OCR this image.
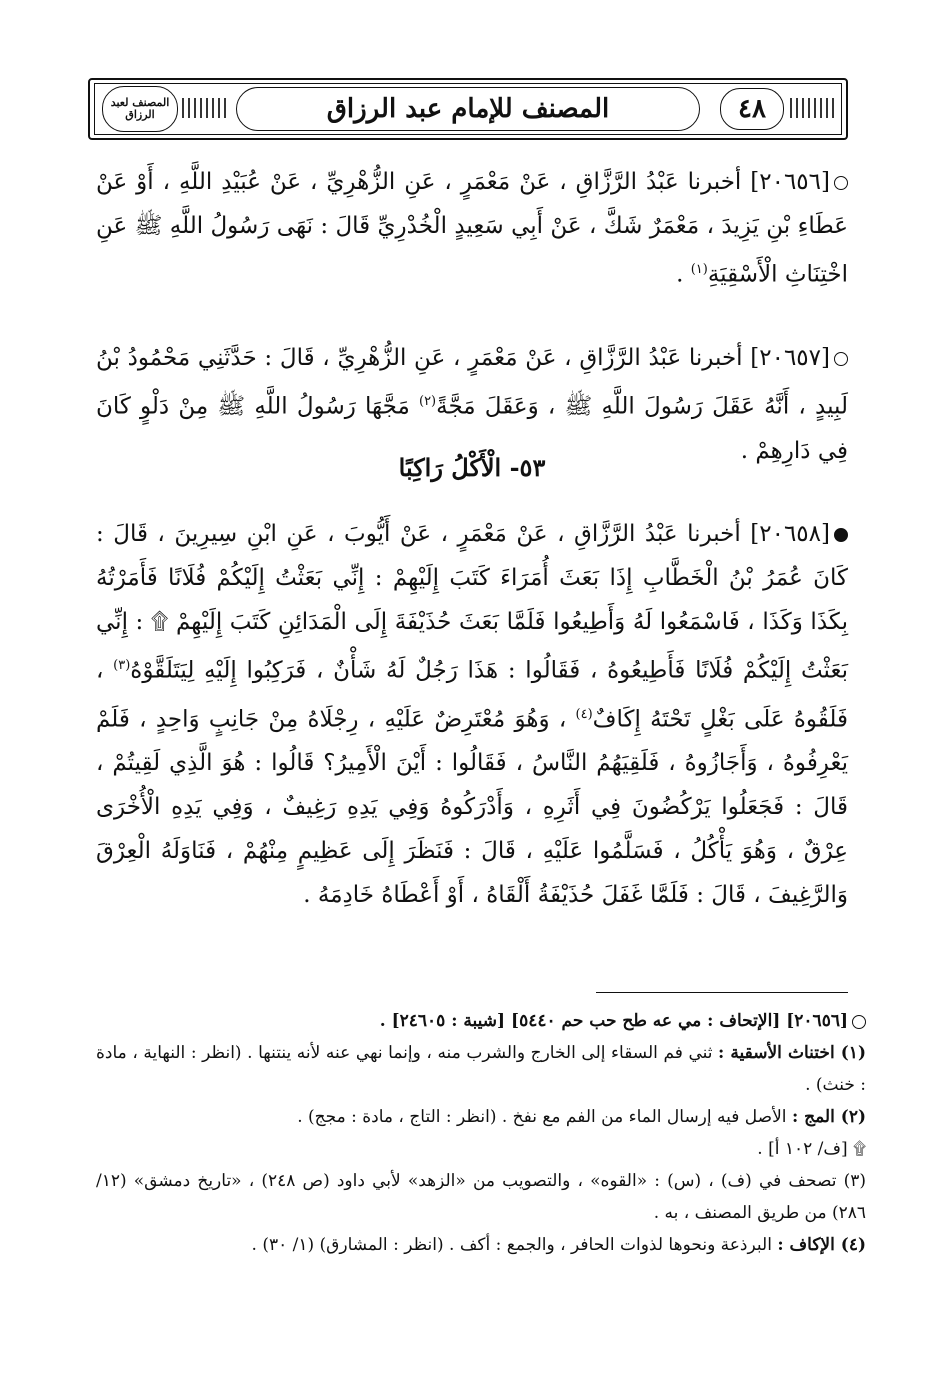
المصنف لعبد الرزاق	المصنف للإمام عبد الرزاق	٤٨

[٢٠٦٥٦] أخبرنا عَبْدُ الرَّزَّاقِ ، عَنْ مَعْمَرٍ ، عَنِ الزُّهْرِيِّ ، عَنْ عُبَيْدِ اللَّهِ ، أَوْ عَنْ عَطَاءِ بْنِ يَزِيدَ ، مَعْمَرٌ شَكَّ ، عَنْ أَبِي سَعِيدٍ الْخُدْرِيِّ قَالَ : نَهَى رَسُولُ اللَّهِ ﷺ عَنِ اخْتِنَاثِ الْأَسْقِيَةِ$^{(١)}$ .

[٢٠٦٥٧] أخبرنا عَبْدُ الرَّزَّاقِ ، عَنْ مَعْمَرٍ ، عَنِ الزُّهْرِيِّ ، قَالَ : حَدَّثَنِي مَحْمُودُ بْنُ لَبِيدٍ ، أَنَّهُ عَقَلَ رَسُولَ اللَّهِ ﷺ ، وَعَقَلَ مَجَّةً$^{(٢)}$ مَجَّهَا رَسُولُ اللَّهِ ﷺ مِنْ دَلْوٍ كَانَ فِي دَارِهِمْ .

٥٣- الْأَكْلُ رَاكِبًا

[٢٠٦٥٨] أخبرنا عَبْدُ الرَّزَّاقِ ، عَنْ مَعْمَرٍ ، عَنْ أَيُّوبَ ، عَنِ ابْنِ سِيرِينَ ، قَالَ : كَانَ عُمَرُ بْنُ الْخَطَّابِ إِذَا بَعَثَ أُمَرَاءَ كَتَبَ إِلَيْهِمْ : إِنِّي بَعَثْتُ إِلَيْكُمْ فُلَانًا فَأَمَرْتُهُ بِكَذَا وَكَذَا ، فَاسْمَعُوا لَهُ وَأَطِيعُوا فَلَمَّا بَعَثَ حُذَيْفَةَ إِلَى الْمَدَائِنِ كَتَبَ إِلَيْهِمْ ۩ : إِنِّي بَعَثْتُ إِلَيْكُمْ فُلَانًا فَأَطِيعُوهُ ، فَقَالُوا : هَذَا رَجُلٌ لَهُ شَأْنٌ ، فَرَكِبُوا إِلَيْهِ لِيَتَلَقَّوْهُ$^{(٣)}$ ، فَلَقُوهُ عَلَى بَغْلٍ تَحْتَهُ إِكَافٌ$^{(٤)}$ ، وَهُوَ مُعْتَرِضٌ عَلَيْهِ ، رِجْلَاهُ مِنْ جَانِبٍ وَاحِدٍ ، فَلَمْ يَعْرِفُوهُ ، وَأَجَازُوهُ ، فَلَقِيَهُمُ النَّاسُ ، فَقَالُوا : أَيْنَ الْأَمِيرُ؟ قَالُوا : هُوَ الَّذِي لَقِيتُمْ ، قَالَ : فَجَعَلُوا يَرْكُضُونَ فِي أَثَرِهِ ، وَأَدْرَكُوهُ وَفِي يَدِهِ رَغِيفٌ ، وَفِي يَدِهِ الْأُخْرَى عِرْقٌ ، وَهُوَ يَأْكُلُ ، فَسَلَّمُوا عَلَيْهِ ، قَالَ : فَنَظَرَ إِلَى عَظِيمٍ مِنْهُمْ ، فَنَاوَلَهُ الْعِرْقَ وَالرَّغِيفَ ، قَالَ : فَلَمَّا غَفَلَ حُذَيْفَةُ أَلْقَاهُ ، أَوْ أَعْطَاهُ خَادِمَهُ .

[٢٠٦٥٦] [الإتحاف : مي عه طح حب حم ٥٤٤٠] [شيبة : ٢٤٦٠٥] .

(١) اختناث الأسقية : ثني فم السقاء إلى الخارج والشرب منه ، وإنما نهي عنه لأنه ينتنها . (انظر : النهاية ، مادة : خنث) .

(٢) المج : الأصل فيه إرسال الماء من الفم مع نفخ . (انظر : التاج ، مادة : مجج) .

۩ [ف/ ١٠٢ أ] .

(٣) تصحف في (ف) ، (س) : «القوه» ، والتصويب من «الزهد» لأبي داود (ص ٢٤٨) ، «تاريخ دمشق» (١٢/ ٢٨٦) من طريق المصنف ، به .

(٤) الإكاف : البرذعة ونحوها لذوات الحافر ، والجمع : أكف . (انظر : المشارق) (١/ ٣٠) .
